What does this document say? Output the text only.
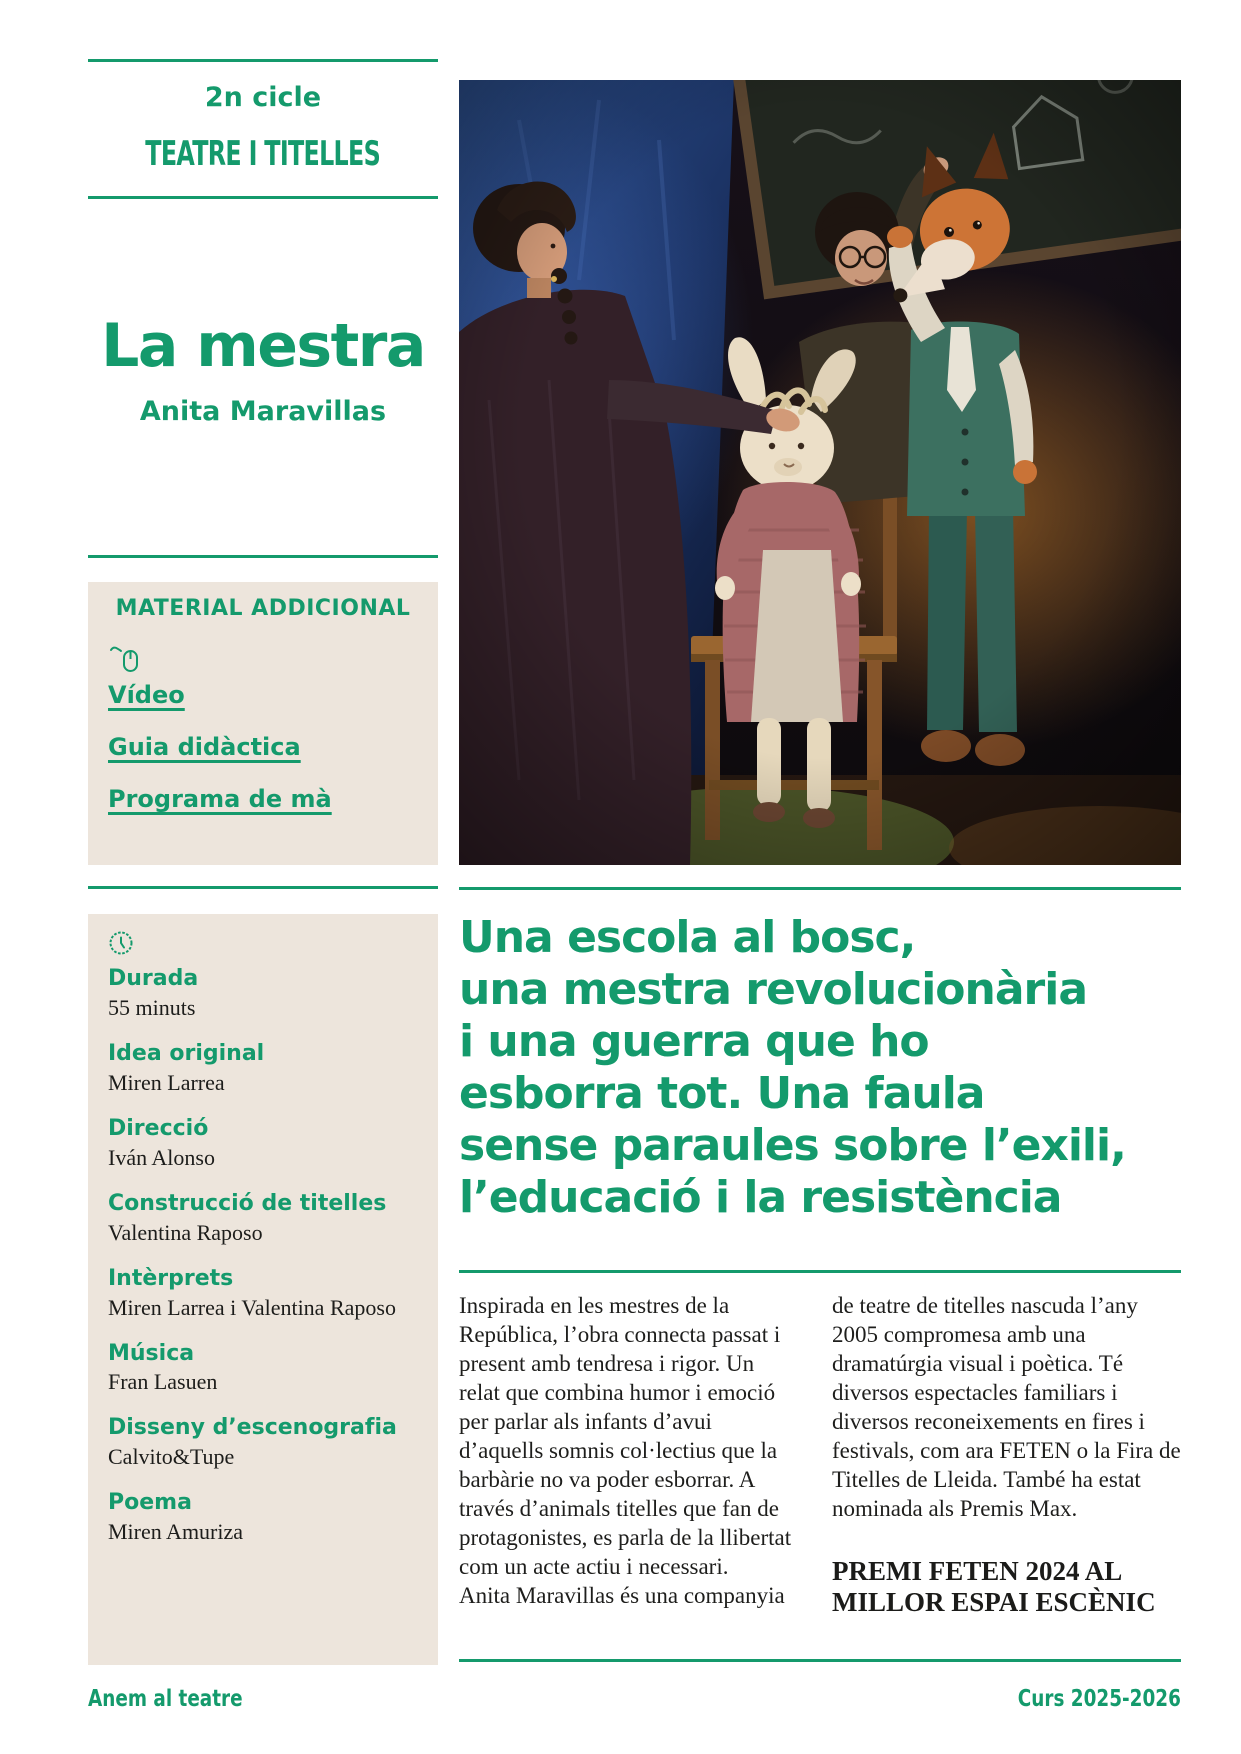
2n cicle
TEATRE I TITELLES
La mestra
Anita Maravillas
MATERIAL ADDICIONAL
Vídeo
Guia didàctica
Programa de mà
Durada
55 minuts
Idea original
Miren Larrea
Direcció
Iván Alonso
Construcció de titelles
Valentina Raposo
Intèrprets
Miren Larrea i Valentina Raposo
Música
Fran Lasuen
Disseny d’escenografia
Calvito&Tupe
Poema
Miren Amuriza
Una escola al bosc,
una mestra revolucionària
i una guerra que ho
esborra tot. Una faula
sense paraules sobre l’exili,
l’educació i la resistència

Inspirada en les mestres de la República, l’obra connecta passat i present amb tendresa i rigor. Un relat que combina humor i emoció per parlar als infants d’avui d’aquells somnis col·lectius que la barbàrie no va poder esborrar. A través d’animals titelles que fan de protagonistes, es parla de la llibertat com un acte actiu i necessari.

Anita Maravillas és una companyia

de teatre de titelles nascuda l’any 2005 compromesa amb una dramatúrgia visual i poètica. Té diversos espectacles familiars i diversos reconeixements en fires i festivals, com ara FETEN o la Fira de Titelles de Lleida. També ha estat nominada als Premis Max.

PREMI FETEN 2024 AL
MILLOR ESPAI ESCÈNIC

Anem al teatre	Curs 2025-2026
